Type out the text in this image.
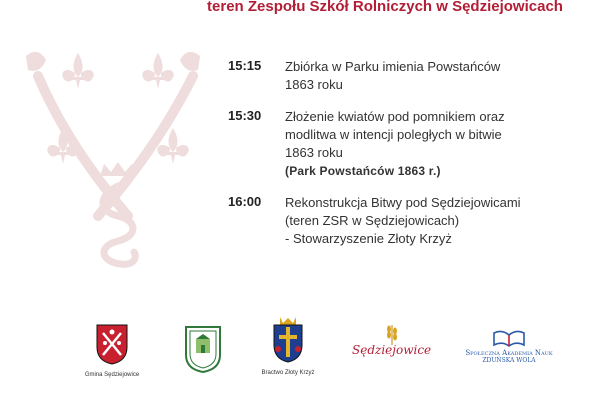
teren Zespołu Szkół Rolniczych w Sędziejowicach
15:15	Zbiórka w Parku imienia Powstańców
1863 roku
15:30	Złożenie kwiatów pod pomnikiem oraz
modlitwa w intencji poległych w bitwie
1863 roku
(Park Powstańców 1863 r.)
16:00	Rekonstrukcja Bitwy pod Sędziejowicami
(teren ZSR w Sędziejowicach)
- Stowarzyszenie Złoty Krzyż
Gmina Sędziejowice	Bractwo Złoty Krzyż
Sędziejowice	Społeczna Akademia Nauk
ZDUŃSKA WOLA
